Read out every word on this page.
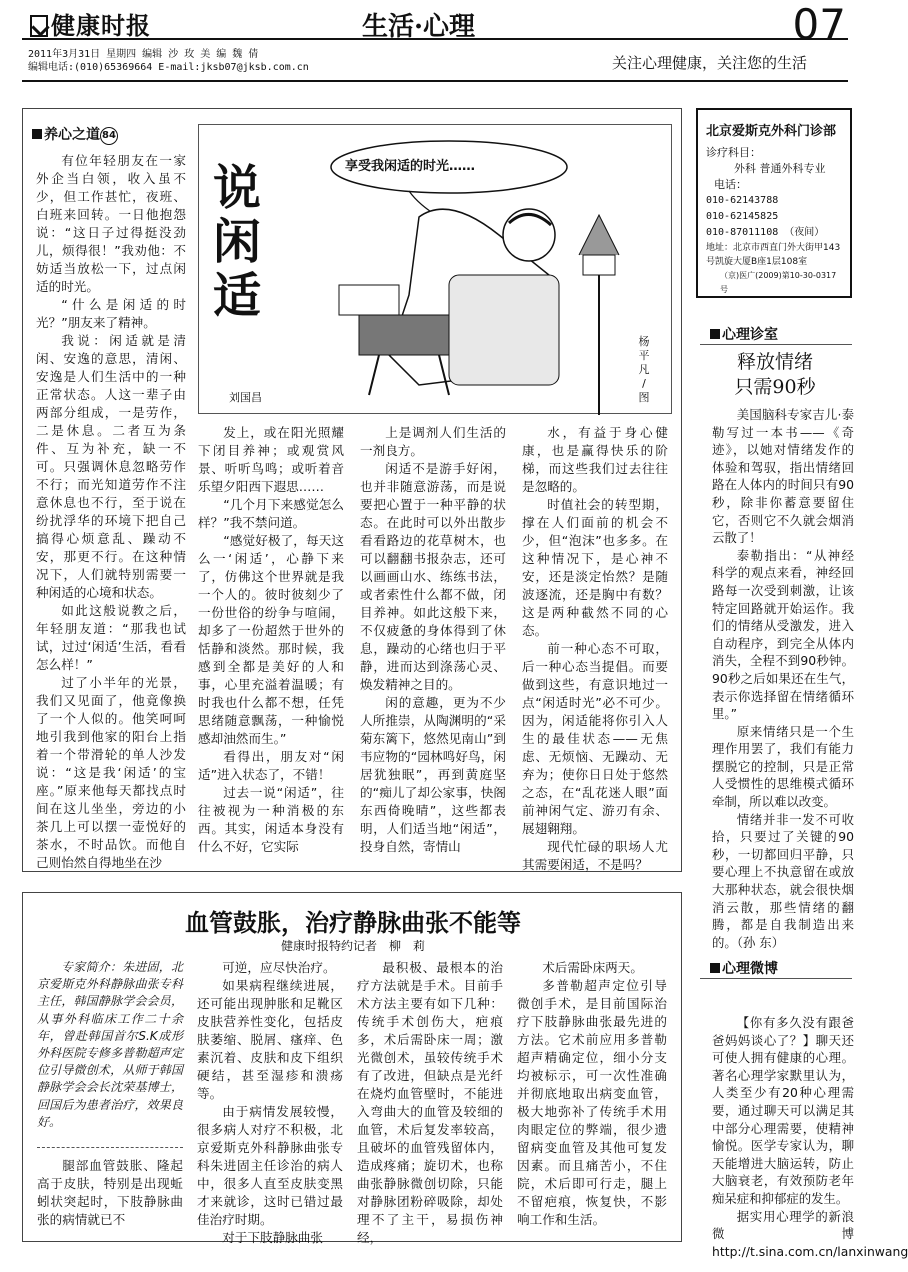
健康时报	生活·心理	07
2011年3月31日 星期四 编辑 沙 玫 美 编 魏 倩
编辑电话:(010)65369664 E-mail:jksb07@jksb.com.cn	关注心理健康，关注您的生活
养心之道 84

有位年轻朋友在一家外企当白领，收入虽不少，但工作甚忙，夜班、白班来回转。一日他抱怨说：“这日子过得挺没劲儿，烦得很！”我劝他：不妨适当放松一下，过点闲适的时光。

“什么是闲适的时光？”朋友来了精神。

我说：闲适就是清闲、安逸的意思，清闲、安逸是人们生活中的一种正常状态。人这一辈子由两部分组成，一是劳作，二是休息。二者互为条件、互为补充，缺一不可。只强调休息忽略劳作不行；而光知道劳作不注意休息也不行，至于说在纷扰浮华的环境下把自己搞得心烦意乱、躁动不安，那更不行。在这种情况下，人们就特别需要一种闲适的心境和状态。

如此这般说教之后，年轻朋友道：“那我也试试，过过‘闲适’生活，看看怎么样！”

过了小半年的光景，我们又见面了，他竟像换了一个人似的。他笑呵呵地引我到他家的阳台上指着一个带滑轮的单人沙发说：“这是我‘闲适’的宝座。”原来他每天都找点时间在这儿坐坐，旁边的小茶几上可以摆一壶悦好的茶水，不时品饮。而他自己则怡然自得地坐在沙

说
闲
适
刘国昌
享受我闲适的时光……
杨
平
凡
/
图

发上，或在阳光照耀下闭目养神；或观赏风景、听听鸟鸣；或听着音乐望夕阳西下遐思……

“几个月下来感觉怎么样？”我不禁问道。

“感觉好极了，每天这么一‘闲适’，心静下来了，仿佛这个世界就是我一个人的。彼时彼刻少了一份世俗的纷争与喧闹，却多了一份超然于世外的恬静和淡然。那时候，我感到全都是美好的人和事，心里充溢着温暖；有时我也什么都不想，任凭思绪随意飘荡，一种愉悦感却油然而生。”

看得出，朋友对“闲适”进入状态了，不错！

过去一说“闲适”，往往被视为一种消极的东西。其实，闲适本身没有什么不好，它实际

上是调剂人们生活的一剂良方。

闲适不是游手好闲，也并非随意游荡，而是说要把心置于一种平静的状态。在此时可以外出散步看看路边的花草树木，也可以翻翻书报杂志，还可以画画山水、练练书法，或者索性什么都不做，闭目养神。如此这般下来，不仅疲惫的身体得到了休息，躁动的心绪也归于平静，进而达到涤荡心灵、焕发精神之目的。

闲的意趣，更为不少人所推崇，从陶渊明的“采菊东篱下，悠然见南山”到韦应物的“园林鸣好鸟，闲居犹独眠”，再到黄庭坚的“痴儿了却公家事，快阁东西倚晚晴”，这些都表明，人们适当地“闲适”，投身自然，寄情山

水，有益于身心健康，也是赢得快乐的阶梯，而这些我们过去往往是忽略的。

时值社会的转型期，撑在人们面前的机会不少，但“泡沫”也多多。在这种情况下，是心神不安，还是淡定怡然？是随波逐流，还是胸中有数？这是两种截然不同的心态。

前一种心态不可取，后一种心态当提倡。而要做到这些，有意识地过一点“闲适时光”必不可少。因为，闲适能将你引入人生的最佳状态——无焦虑、无烦恼、无躁动、无弃为；使你日日处于悠然之态，在“乱花迷人眼”面前神闲气定、游刃有余、展翅翱翔。

现代忙碌的职场人尤其需要闲适，不是吗？

北京爱斯克外科门诊部
诊疗科目：
外科 普通外科专业
电话：
010-62143788
010-62145825
010-87011108 （夜间）
地址：北京市西直门外大街甲143号凯旋大厦B座1层108室
（京)医广(2009)第10-30-0317号
心理诊室
释放情绪
只需90秒

美国脑科专家吉儿·泰勒写过一本书——《奇迹》，以她对情绪发作的体验和驾驭，指出情绪回路在人体内的时间只有90秒，除非你蓄意要留住它，否则它不久就会烟消云散了！

泰勒指出：“从神经科学的观点来看，神经回路每一次受到刺激，让该特定回路就开始运作。我们的情绪从受激发，进入自动程序，到完全从体内消失，全程不到90秒钟。90秒之后如果还在生气，表示你选择留在情绪循环里。”

原来情绪只是一个生理作用罢了，我们有能力摆脱它的控制，只是正常人受惯性的思维模式循环牵制，所以难以改变。

情绪并非一发不可收拾，只要过了关键的90秒，一切都回归平静，只要心理上不执意留在或放大那种状态，就会很快烟消云散，那些情绪的翻腾，都是自我制造出来的。（孙 东）

心理微博

【你有多久没有跟爸爸妈妈谈心了？】聊天还可使人拥有健康的心理。著名心理学家默里认为，人类至少有20种心理需要，通过聊天可以满足其中部分心理需要，使精神愉悦。医学专家认为，聊天能增进大脑运转，防止大脑衰老，有效预防老年痴呆症和抑郁症的发生。

据实用心理学的新浪微博http://t.sina.com.cn/lanxinwang

血管鼓胀，治疗静脉曲张不能等
健康时报特约记者　柳　莉
专家简介：朱进固，北京爱斯克外科静脉曲张专科主任，韩国静脉学会会员，从事外科临床工作二十余年，曾赴韩国首尔S.K成形外科医院专修多普勒超声定位引导微创术，从师于韩国静脉学会会长沈荣基博士，回国后为患者治疗，效果良好。
腿部血管鼓胀、隆起高于皮肤，特别是出现蚯蚓状突起时，下肢静脉曲张的病情就已不

可逆，应尽快治疗。

如果病程继续进展，还可能出现肿胀和足靴区皮肤营养性变化，包括皮肤萎缩、脱屑、瘙痒、色素沉着、皮肤和皮下组织硬结，甚至湿疹和溃疡等。

由于病情发展较慢，很多病人对疗不积极，北京爱斯克外科静脉曲张专科朱进固主任诊治的病人中，很多人直至皮肤变黑才来就诊，这时已错过最佳治疗时期。

对于下肢静脉曲张

最积极、最根本的治疗方法就是手术。目前手术方法主要有如下几种：传统手术创伤大，疤痕多，术后需卧床一周；激光微创术，虽较传统手术有了改进，但缺点是光纤在烧灼血管壁时，不能进入弯曲大的血管及较细的血管，术后复发率较高，且破坏的血管残留体内，造成疼痛；旋切术，也称曲张静脉微创切除，只能对静脉团粉碎吸除，却处理不了主干，易损伤神经，

术后需卧床两天。

多普勒超声定位引导微创手术，是目前国际治疗下肢静脉曲张最先进的方法。它术前应用多普勒超声精确定位，细小分支均被标示，可一次性准确并彻底地取出病变血管，极大地弥补了传统手术用肉眼定位的弊端，很少遗留病变血管及其他可复发因素。而且痛苦小，不住院，术后即可行走，腿上不留疤痕，恢复快，不影响工作和生活。
